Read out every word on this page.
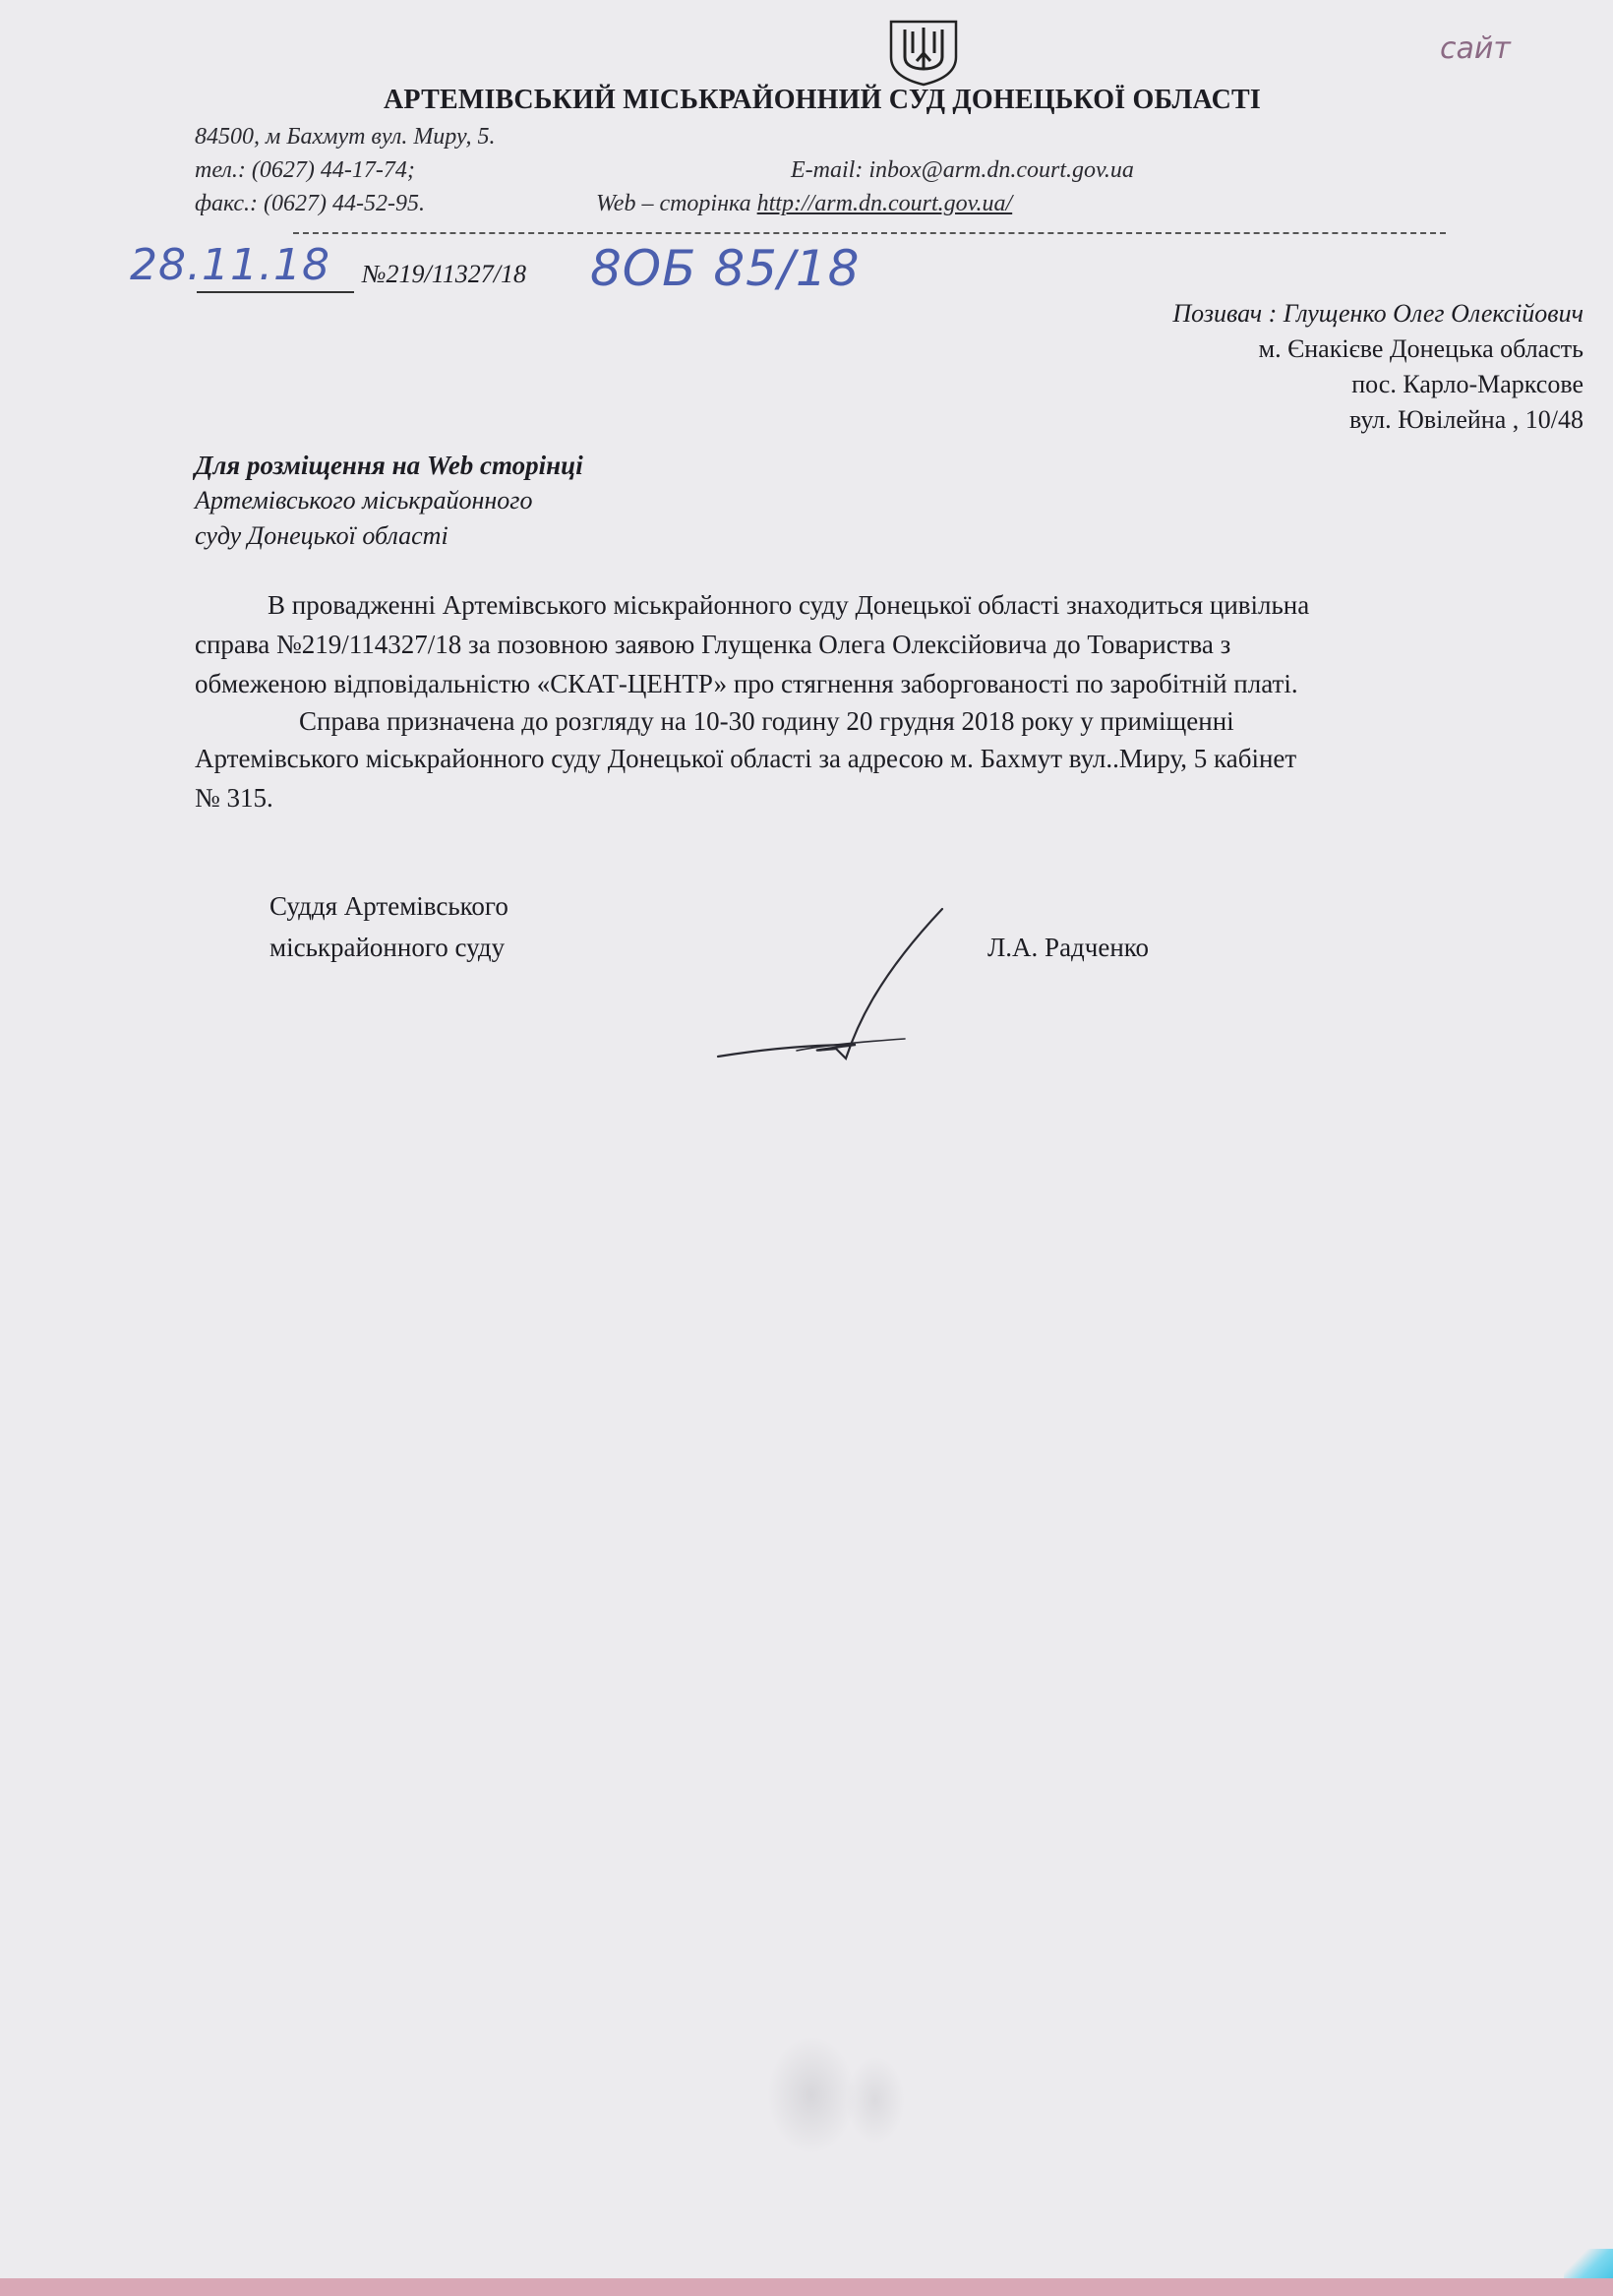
АРТЕМІВСЬКИЙ МІСЬКРАЙОННИЙ СУД ДОНЕЦЬКОЇ ОБЛАСТІ
84500, м Бахмут вул. Миру, 5.
тел.: (0627) 44-17-74;	E-mail: inbox@arm.dn.court.gov.ua
факс.: (0627) 44-52-95.	Web – сторінка http://arm.dn.court.gov.ua/
сайт
28.11.18 №219/11327/18 8ОБ 85/18
Позивач : Глущенко Олег Олексійович
м. Єнакієве Донецька область
пос. Карло-Марксове
вул. Ювілейна , 10/48
Для розміщення на Web сторінці
Артемівського міськрайонного
суду Донецької області
В провадженні Артемівського міськрайонного суду Донецької області знаходиться цивільна
справа №219/114327/18 за позовною заявою Глущенка Олега Олексійовича до Товариства з
обмеженою відповідальністю «СКАТ-ЦЕНТР» про стягнення заборгованості по заробітній платі.
Справа призначена до розгляду на 10-30 годину 20 грудня 2018 року у приміщенні
Артемівського міськрайонного суду Донецької області за адресою м. Бахмут вул..Миру, 5 кабінет
№ 315.
Суддя Артемівського
міськрайонного суду	Л.А. Радченко
